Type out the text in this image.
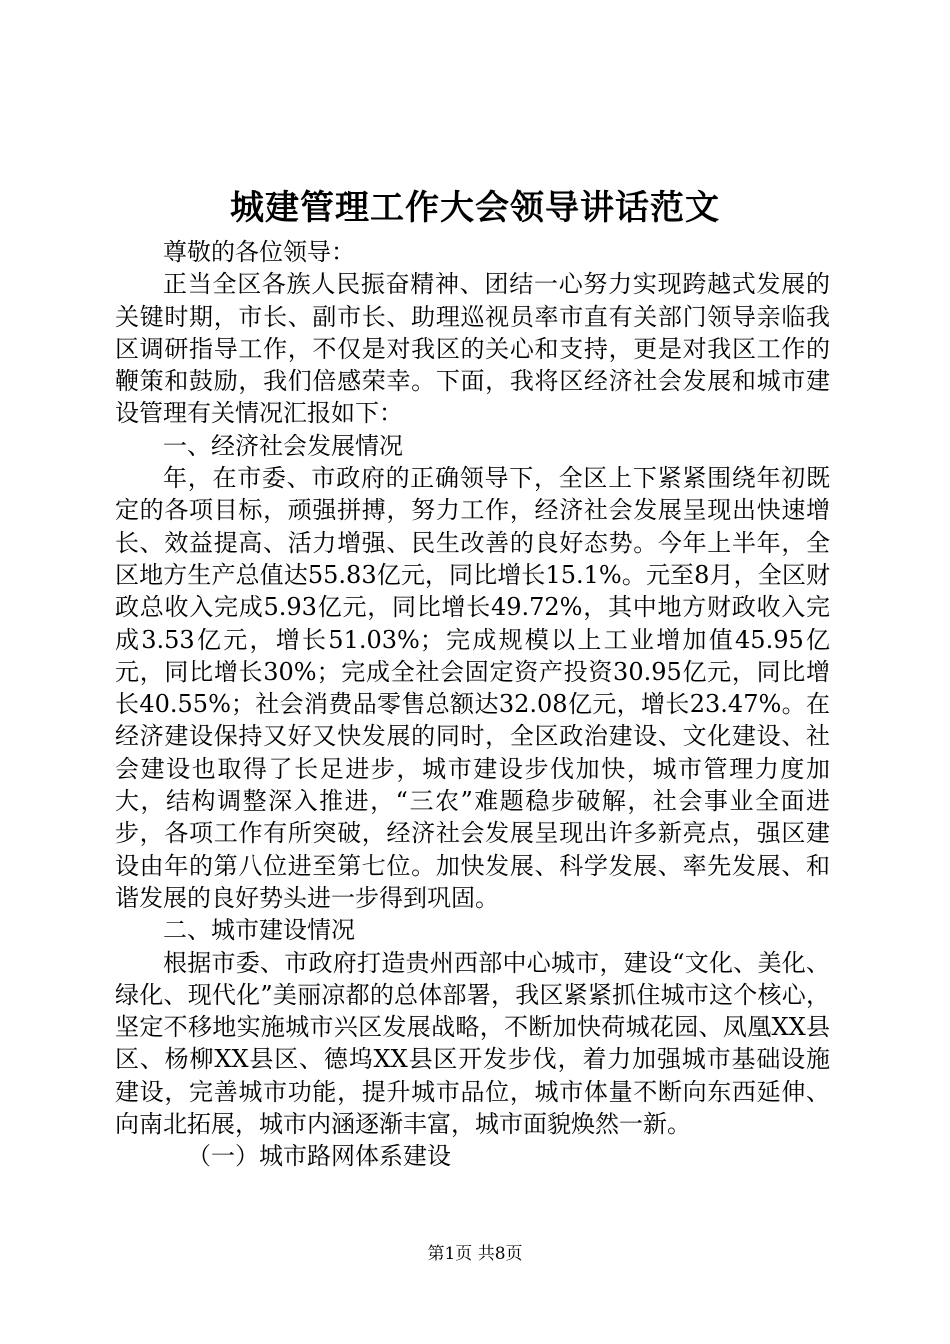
城建管理工作大会领导讲话范文

尊敬的各位领导：

正当全区各族人民振奋精神、团结一心努力实现跨越式发展的关键时期，市长、副市长、助理巡视员率市直有关部门领导亲临我区调研指导工作，不仅是对我区的关心和支持，更是对我区工作的鞭策和鼓励，我们倍感荣幸。下面，我将区经济社会发展和城市建设管理有关情况汇报如下：

一、经济社会发展情况

年，在市委、市政府的正确领导下，全区上下紧紧围绕年初既定的各项目标，顽强拼搏，努力工作，经济社会发展呈现出快速增长、效益提高、活力增强、民生改善的良好态势。今年上半年，全区地方生产总值达55.83亿元，同比增长15.1%。元至8月，全区财政总收入完成5.93亿元，同比增长49.72%，其中地方财政收入完成3.53亿元，增长51.03%；完成规模以上工业增加值45.95亿元，同比增长30%；完成全社会固定资产投资30.95亿元，同比增长40.55%；社会消费品零售总额达32.08亿元，增长23.47%。在经济建设保持又好又快发展的同时，全区政治建设、文化建设、社会建设也取得了长足进步，城市建设步伐加快，城市管理力度加大，结构调整深入推进，“三农”难题稳步破解，社会事业全面进步，各项工作有所突破，经济社会发展呈现出许多新亮点，强区建设由年的第八位进至第七位。加快发展、科学发展、率先发展、和谐发展的良好势头进一步得到巩固。

二、城市建设情况

根据市委、市政府打造贵州西部中心城市，建设“文化、美化、绿化、现代化”美丽凉都的总体部署，我区紧紧抓住城市这个核心，坚定不移地实施城市兴区发展战略，不断加快荷城花园、凤凰XX县区、杨柳XX县区、德坞XX县区开发步伐，着力加强城市基础设施建设，完善城市功能，提升城市品位，城市体量不断向东西延伸、向南北拓展，城市内涵逐渐丰富，城市面貌焕然一新。

（一）城市路网体系建设

第1页 共8页
